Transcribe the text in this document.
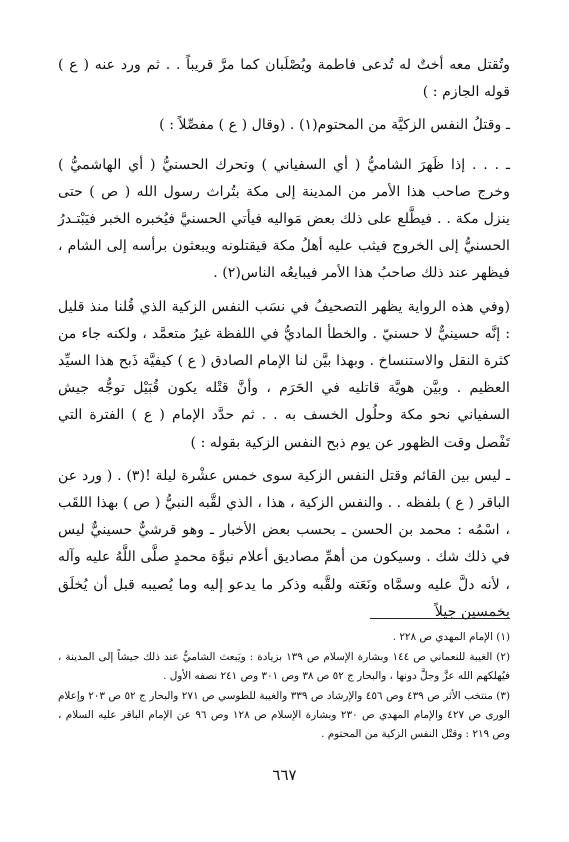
وتُقتل معه أختٌ له تُدعى فاطمة ويُصْلَبان كما مرَّ قريباً . . ثم ورد عنه ( ع ) قوله الجازم : )

ـ وقتلُ النفس الزكيَّة من المحتوم(١) . (وقال ( ع ) مفصِّلاً : )

ـ . . . إذا ظَهرَ الشاميُّ ( أي السفياني ) وتحرك الحسنيُّ ( أي الهاشميُّ ) وخرج صاحب هذا الأمر من المدينة إلى مكة بتُراث رسول الله ( ص ) حتى ينزل مكة . . فيطَّلع على ذلك بعض مَواليه فيأتي الحسنيَّ فيُخبره الخبر فيَبْتـدرُ الحسنيُّ إلى الخروج فيثب عليه أهلُ مكة فيقتلونه ويبعثون برأسه إلى الشام ، فيظهر عند ذلك صاحبُ هذا الأمر فيبايعُه الناس(٢) .

(وفي هذه الرواية يظهر التصحيفُ في نسَب النفس الزكية الذي قُلنا منذ قليل : إنَّه حسينيٌّ لا حسنيّ . والخطأ الماديُّ في اللفظة غيرُ متعمَّد ، ولكنه جاء من كثرة النقل والاستنساخ . وبهذا بيَّن لنا الإمام الصادق ( ع ) كيفيَّة ذَبح هذا السيِّد العظيم . وبيَّن هويَّة قاتليه في الحَرَم ، وأنَّ قتْله يكون قُبَيْل توجُّه جيش السفياني نحو مكة وحلُول الخسف به . . ثم حدَّد الإمام ( ع ) الفترة التي تَفْصل وقت الظهور عن يوم ذبح النفس الزكية بقوله : )

ـ ليس بين القائم وقتل النفس الزكية سوى خمس عشْرة ليلة !(٣) . ( ورد عن الباقر ( ع ) بلفظه . . والنفس الزكية ، هذا ، الذي لقَّبه النبيُّ ( ص ) بهذا اللقَب ، اسْمُه : محمد بن الحسن ـ بحسب بعض الأخبار ـ وهو قرشيٌّ حسينيٌّ ليس في ذلك شك . وسيكون من أهمِّ مصاديق أعلام نبوَّة محمدٍ صلَّى اللَّهُ عليه وآله ، لأنه دلَّ عليه وسمَّاه ونَعَته ولقَّبه وذكر ما يدعو إليه وما يُصيبه قبل أن يُخلَق بخمسين جيلاً

(١) الإمام المهدي ص ٢٢٨ .

(٢) الغيبة للنعماني ص ١٤٤ وبشارة الإسلام ص ١٣٩ بزيادة : ويَبعث الشاميُّ عند ذلك جيشاً إلى المدينة ، فيُهلكهم الله عزَّ وجلَّ دونها ، والبحار ج ٥٢ ص ٣٨ وص ٣٠١ وص ٢٤١ نصفه الأول .

(٣) منتخب الأثر ص ٤٣٩ وص ٤٥٦ والإرشاد ص ٣٣٩ والغيبة للطوسي ص ٢٧١ والبحار ج ٥٢ ص ٢٠٣ وإعلام الورى ص ٤٢٧ والإمام المهدي ص ٢٣٠ وبشارة الإسلام ص ١٢٨ وص ٩٦ عن الإمام الباقر عليه السلام ، وص ٢١٩ : وقتْل النفس الزكية من المحتوم .

٦٦٧
